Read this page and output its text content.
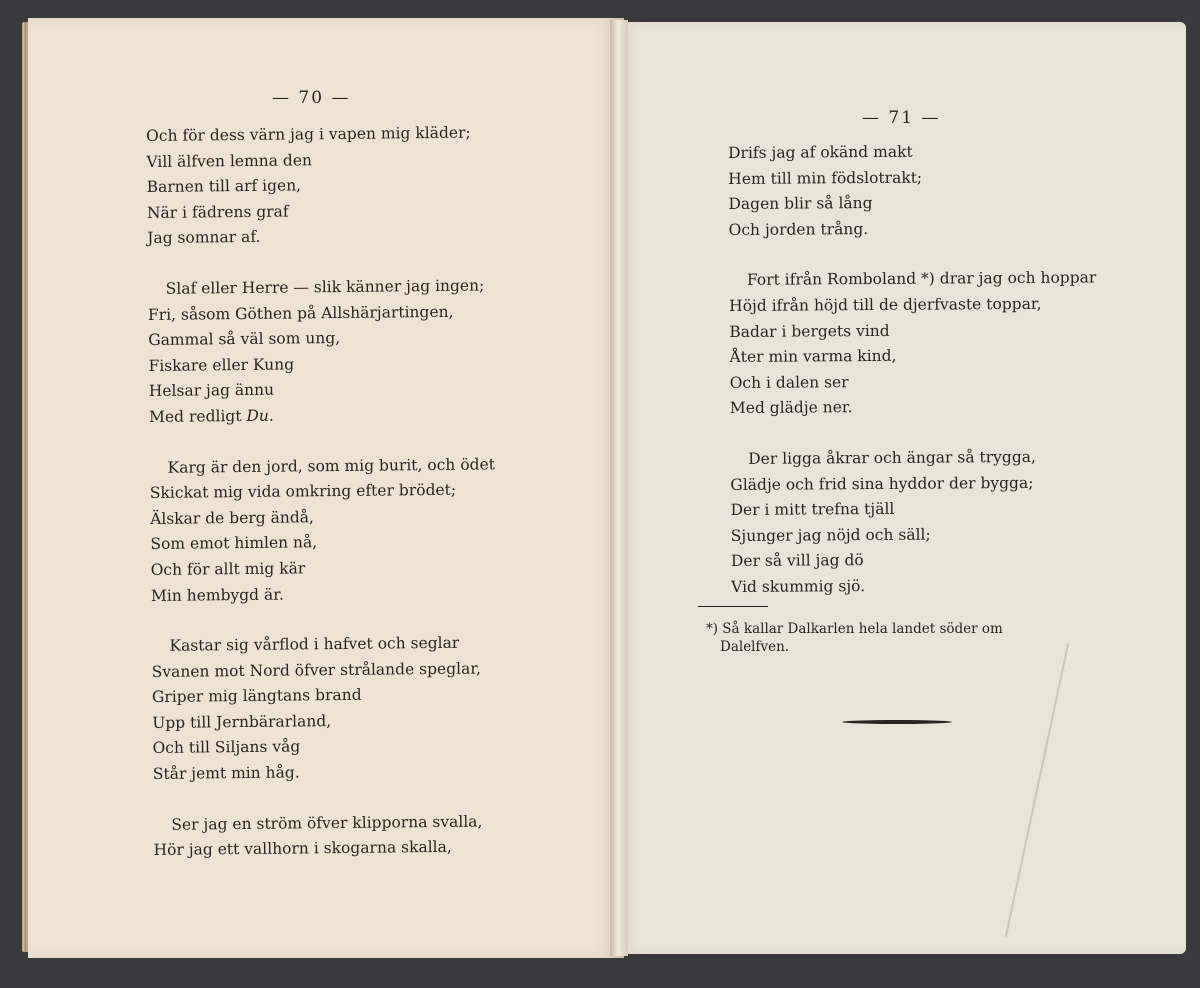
— 70 —
Och för dess värn jag i vapen mig kläder;
Vill älfven lemna den
Barnen till arf igen,
När i fädrens graf
Jag somnar af.
Slaf eller Herre — slik känner jag ingen;
Fri, såsom Göthen på Allshärjartingen,
Gammal så väl som ung,
Fiskare eller Kung
Helsar jag ännu
Med redligt Du.
Karg är den jord, som mig burit, och ödet
Skickat mig vida omkring efter brödet;
Älskar de berg ändå,
Som emot himlen nå,
Och för allt mig kär
Min hembygd är.
Kastar sig vårflod i hafvet och seglar
Svanen mot Nord öfver strålande speglar,
Griper mig längtans brand
Upp till Jernbärarland,
Och till Siljans våg
Står jemt min håg.
Ser jag en ström öfver klipporna svalla,
Hör jag ett vallhorn i skogarna skalla,
— 71 —
Drifs jag af okänd makt
Hem till min födslotrakt;
Dagen blir så lång
Och jorden trång.
Fort ifrån Romboland *) drar jag och hoppar
Höjd ifrån höjd till de djerfvaste toppar,
Badar i bergets vind
Åter min varma kind,
Och i dalen ser
Med glädje ner.
Der ligga åkrar och ängar så trygga,
Glädje och frid sina hyddor der bygga;
Der i mitt trefna tjäll
Sjunger jag nöjd och säll;
Der så vill jag dö
Vid skummig sjö.
*) Så kallar Dalkarlen hela landet söder om
Dalelfven.
